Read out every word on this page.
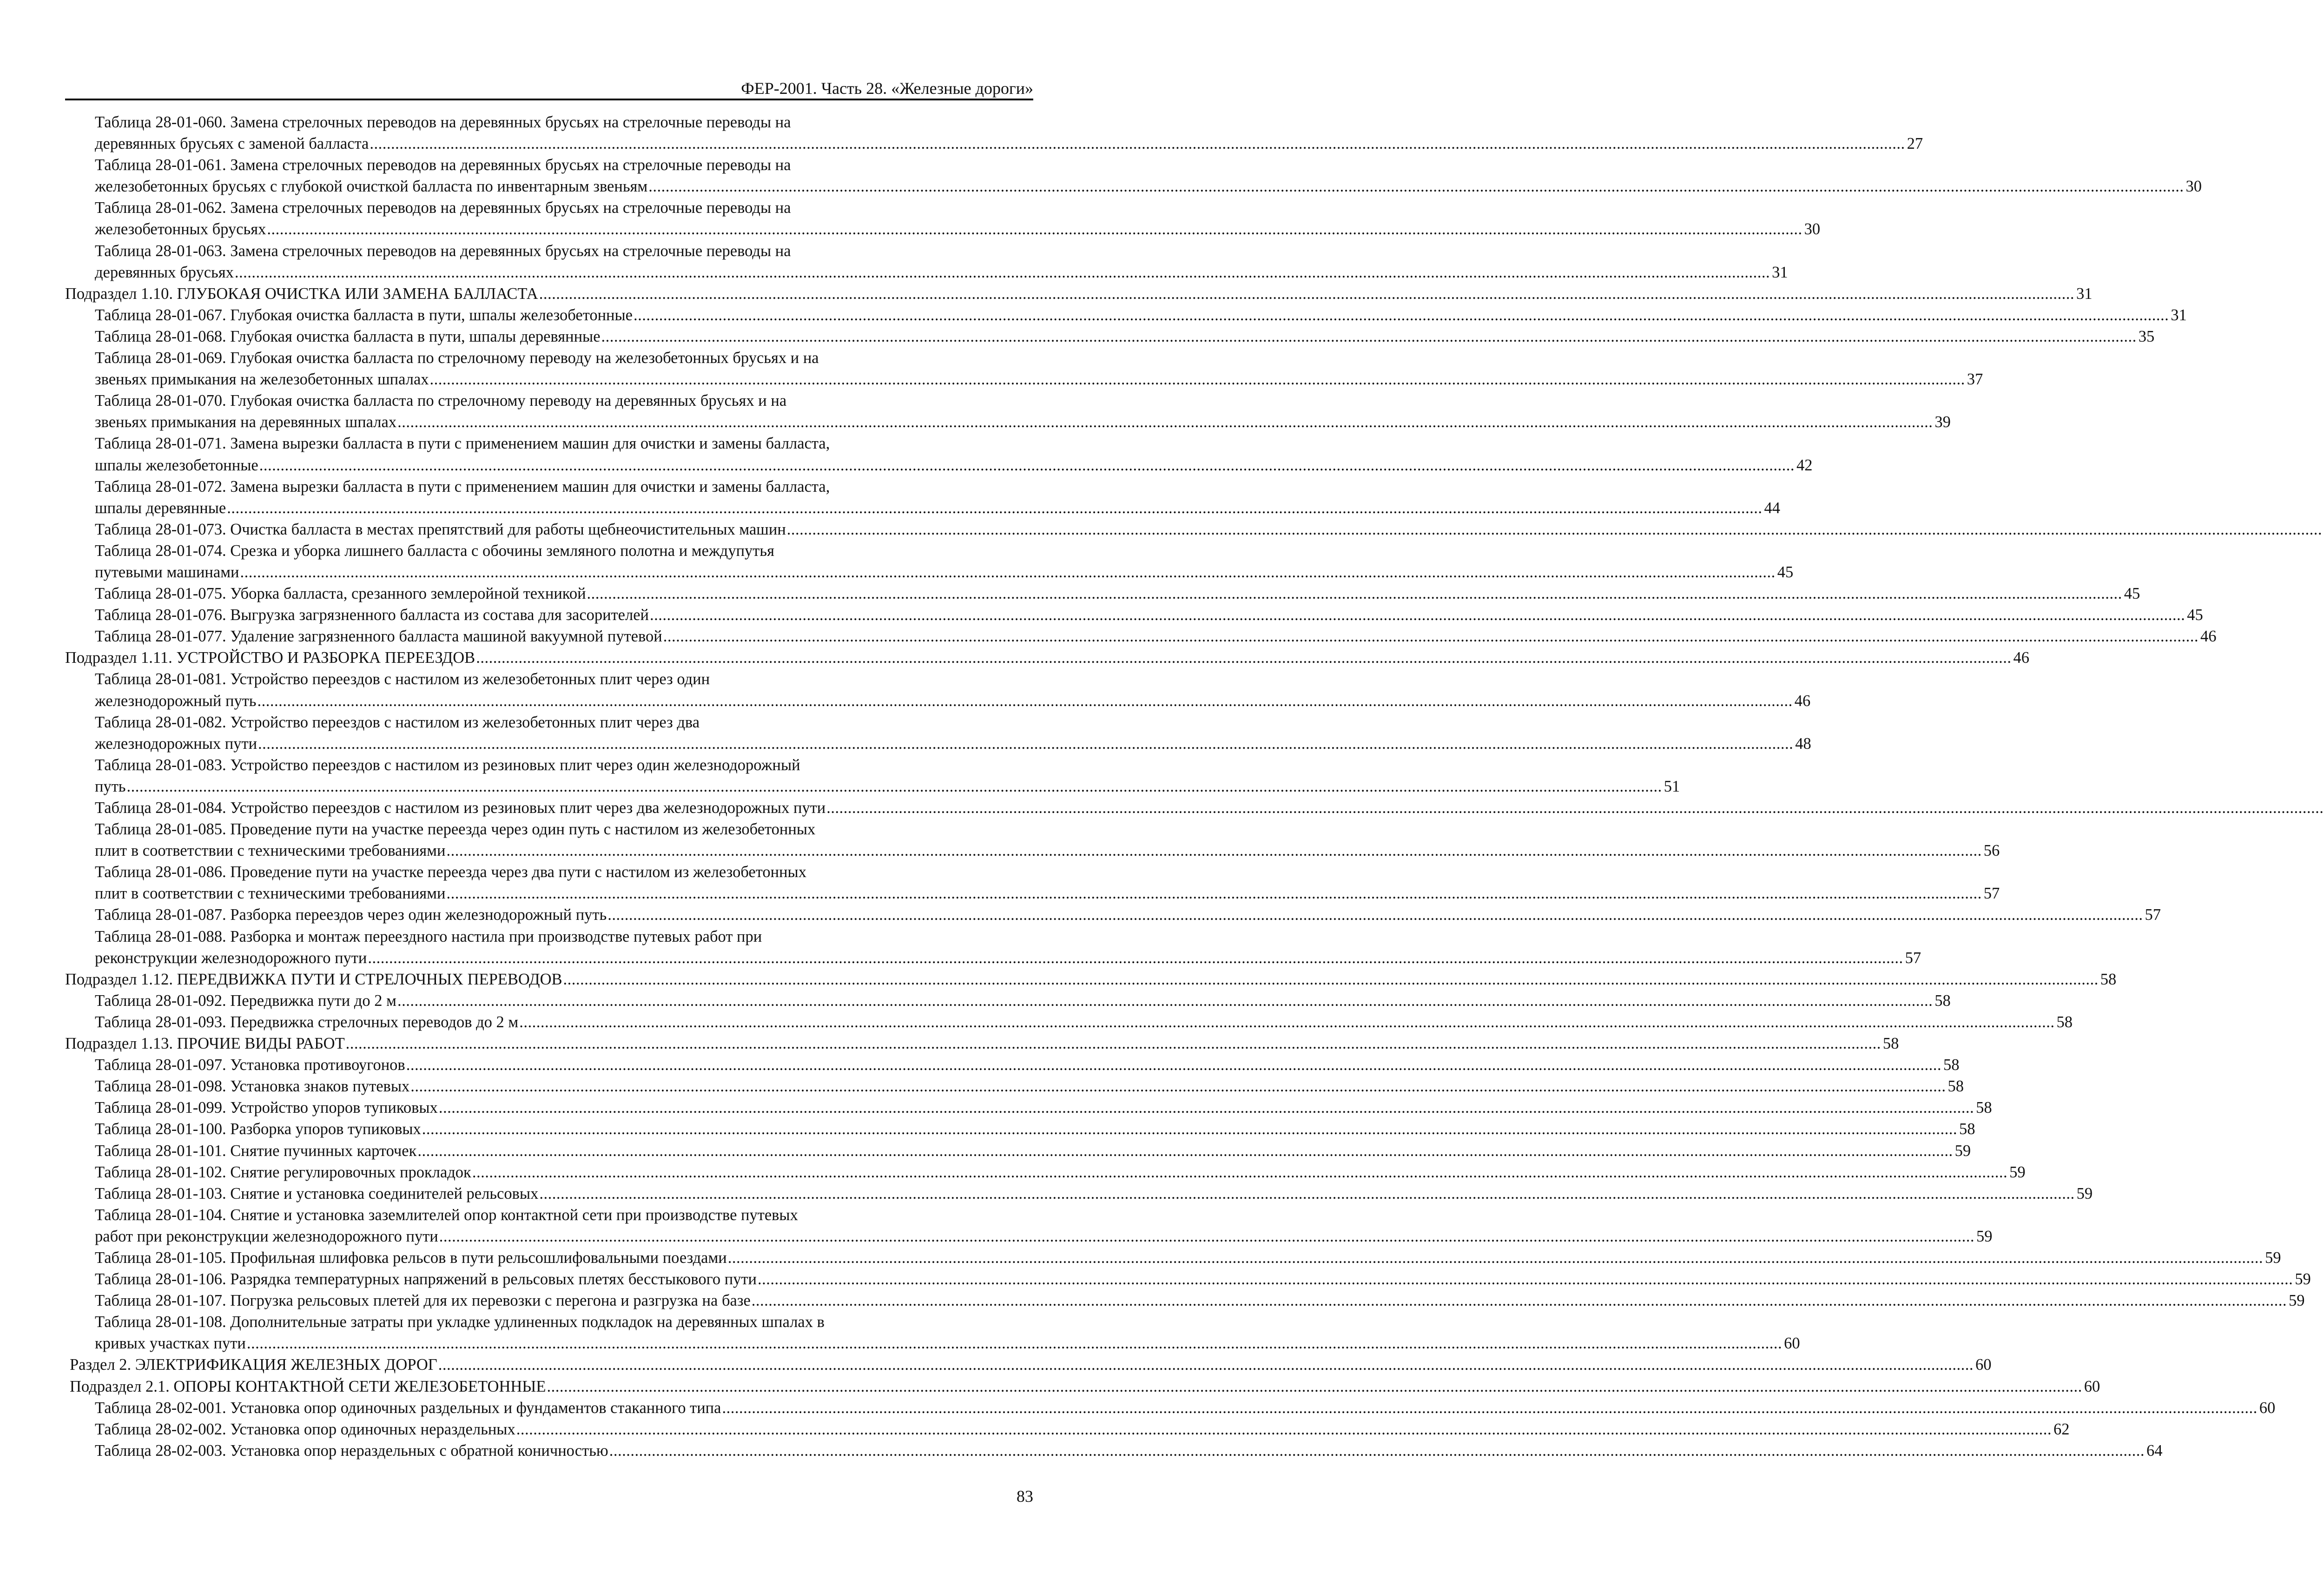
ФЕР-2001. Часть 28. «Железные дороги»
Таблица 28-01-060. Замена стрелочных переводов на деревянных брусьях на стрелочные переводы на
деревянных брусьях с заменой балласта .....	27
Таблица 28-01-061. Замена стрелочных переводов на деревянных брусьях на стрелочные переводы на
железобетонных брусьях с глубокой очисткой балласта по инвентарным звеньям .....	30
Таблица 28-01-062. Замена стрелочных переводов на деревянных брусьях на стрелочные переводы на
железобетонных брусьях .....	30
Таблица 28-01-063. Замена стрелочных переводов на деревянных брусьях на стрелочные переводы на
деревянных брусьях .....	31
Подраздел 1.10. ГЛУБОКАЯ ОЧИСТКА ИЛИ ЗАМЕНА БАЛЛАСТА .....	31
Таблица 28-01-067. Глубокая очистка балласта в пути, шпалы железобетонные .....	31
Таблица 28-01-068. Глубокая очистка балласта в пути, шпалы деревянные .....	35
Таблица 28-01-069. Глубокая очистка балласта по стрелочному переводу на железобетонных брусьях и на
звеньях примыкания на железобетонных шпалах .....	37
Таблица 28-01-070. Глубокая очистка балласта по стрелочному переводу на деревянных брусьях и на
звеньях примыкания на деревянных шпалах .....	39
Таблица 28-01-071. Замена вырезки балласта в пути с применением машин для очистки и замены балласта,
шпалы железобетонные .....	42
Таблица 28-01-072. Замена вырезки балласта в пути с применением машин для очистки и замены балласта,
шпалы деревянные .....	44
Таблица 28-01-073. Очистка балласта в местах препятствий для работы щебнеочистительных машин
.....
Таблица 28-01-074. Срезка и уборка лишнего балласта с обочины земляного полотна и междупутья
путевыми машинами .....	45
Таблица 28-01-075. Уборка балласта, срезанного землеройной техникой .....	45
Таблица 28-01-076. Выгрузка загрязненного балласта из состава для засорителей .....	45
Таблица 28-01-077. Удаление загрязненного балласта машиной вакуумной путевой .....	46
Подраздел 1.11. УСТРОЙСТВО И РАЗБОРКА ПЕРЕЕЗДОВ .....	46
Таблица 28-01-081. Устройство переездов с настилом из железобетонных плит через один
железнодорожный путь .....	46
Таблица 28-01-082. Устройство переездов с настилом из железобетонных плит через два
железнодорожных пути .....	48
Таблица 28-01-083. Устройство переездов с настилом из резиновых плит через один железнодорожный
путь .....	51
Таблица 28-01-084. Устройство переездов с настилом из резиновых плит через два железнодорожных пути
.....
Таблица 28-01-085. Проведение пути на участке переезда через один путь с настилом из железобетонных
плит в соответствии с техническими требованиями .....	56
Таблица 28-01-086. Проведение пути на участке переезда через два пути с настилом из железобетонных
плит в соответствии с техническими требованиями .....	57
Таблица 28-01-087. Разборка переездов через один железнодорожный путь .....	57
Таблица 28-01-088. Разборка и монтаж переездного настила при производстве путевых работ при
реконструкции железнодорожного пути .....	57
Подраздел 1.12. ПЕРЕДВИЖКА ПУТИ И СТРЕЛОЧНЫХ ПЕРЕВОДОВ .....	58
Таблица 28-01-092. Передвижка пути до 2 м .....	58
Таблица 28-01-093. Передвижка стрелочных переводов до 2 м .....	58
Подраздел 1.13. ПРОЧИЕ ВИДЫ РАБОТ .....	58
Таблица 28-01-097. Установка противоугонов .....	58
Таблица 28-01-098. Установка знаков путевых .....	58
Таблица 28-01-099. Устройство упоров тупиковых .....	58
Таблица 28-01-100. Разборка упоров тупиковых .....	58
Таблица 28-01-101. Снятие пучинных карточек .....	59
Таблица 28-01-102. Снятие регулировочных прокладок .....	59
Таблица 28-01-103. Снятие и установка соединителей рельсовых .....	59
Таблица 28-01-104. Снятие и установка заземлителей опор контактной сети при производстве путевых
работ при реконструкции железнодорожного пути .....	59
Таблица 28-01-105. Профильная шлифовка рельсов в пути рельсошлифовальными поездами .....	59
Таблица 28-01-106. Разрядка температурных напряжений в рельсовых плетях бесстыкового пути .....	59
Таблица 28-01-107. Погрузка рельсовых плетей для их перевозки с перегона и разгрузка на базе .....	59
Таблица 28-01-108. Дополнительные затраты при укладке удлиненных подкладок на деревянных шпалах в
кривых участках пути .....	60
Раздел 2. ЭЛЕКТРИФИКАЦИЯ ЖЕЛЕЗНЫХ ДОРОГ .....	60
Подраздел 2.1. ОПОРЫ КОНТАКТНОЙ СЕТИ ЖЕЛЕЗОБЕТОННЫЕ .....	60
Таблица 28-02-001. Установка опор одиночных раздельных и фундаментов стаканного типа .....	60
Таблица 28-02-002. Установка опор одиночных нераздельных .....	62
Таблица 28-02-003. Установка опор нераздельных с обратной коничностью .....	64
83
